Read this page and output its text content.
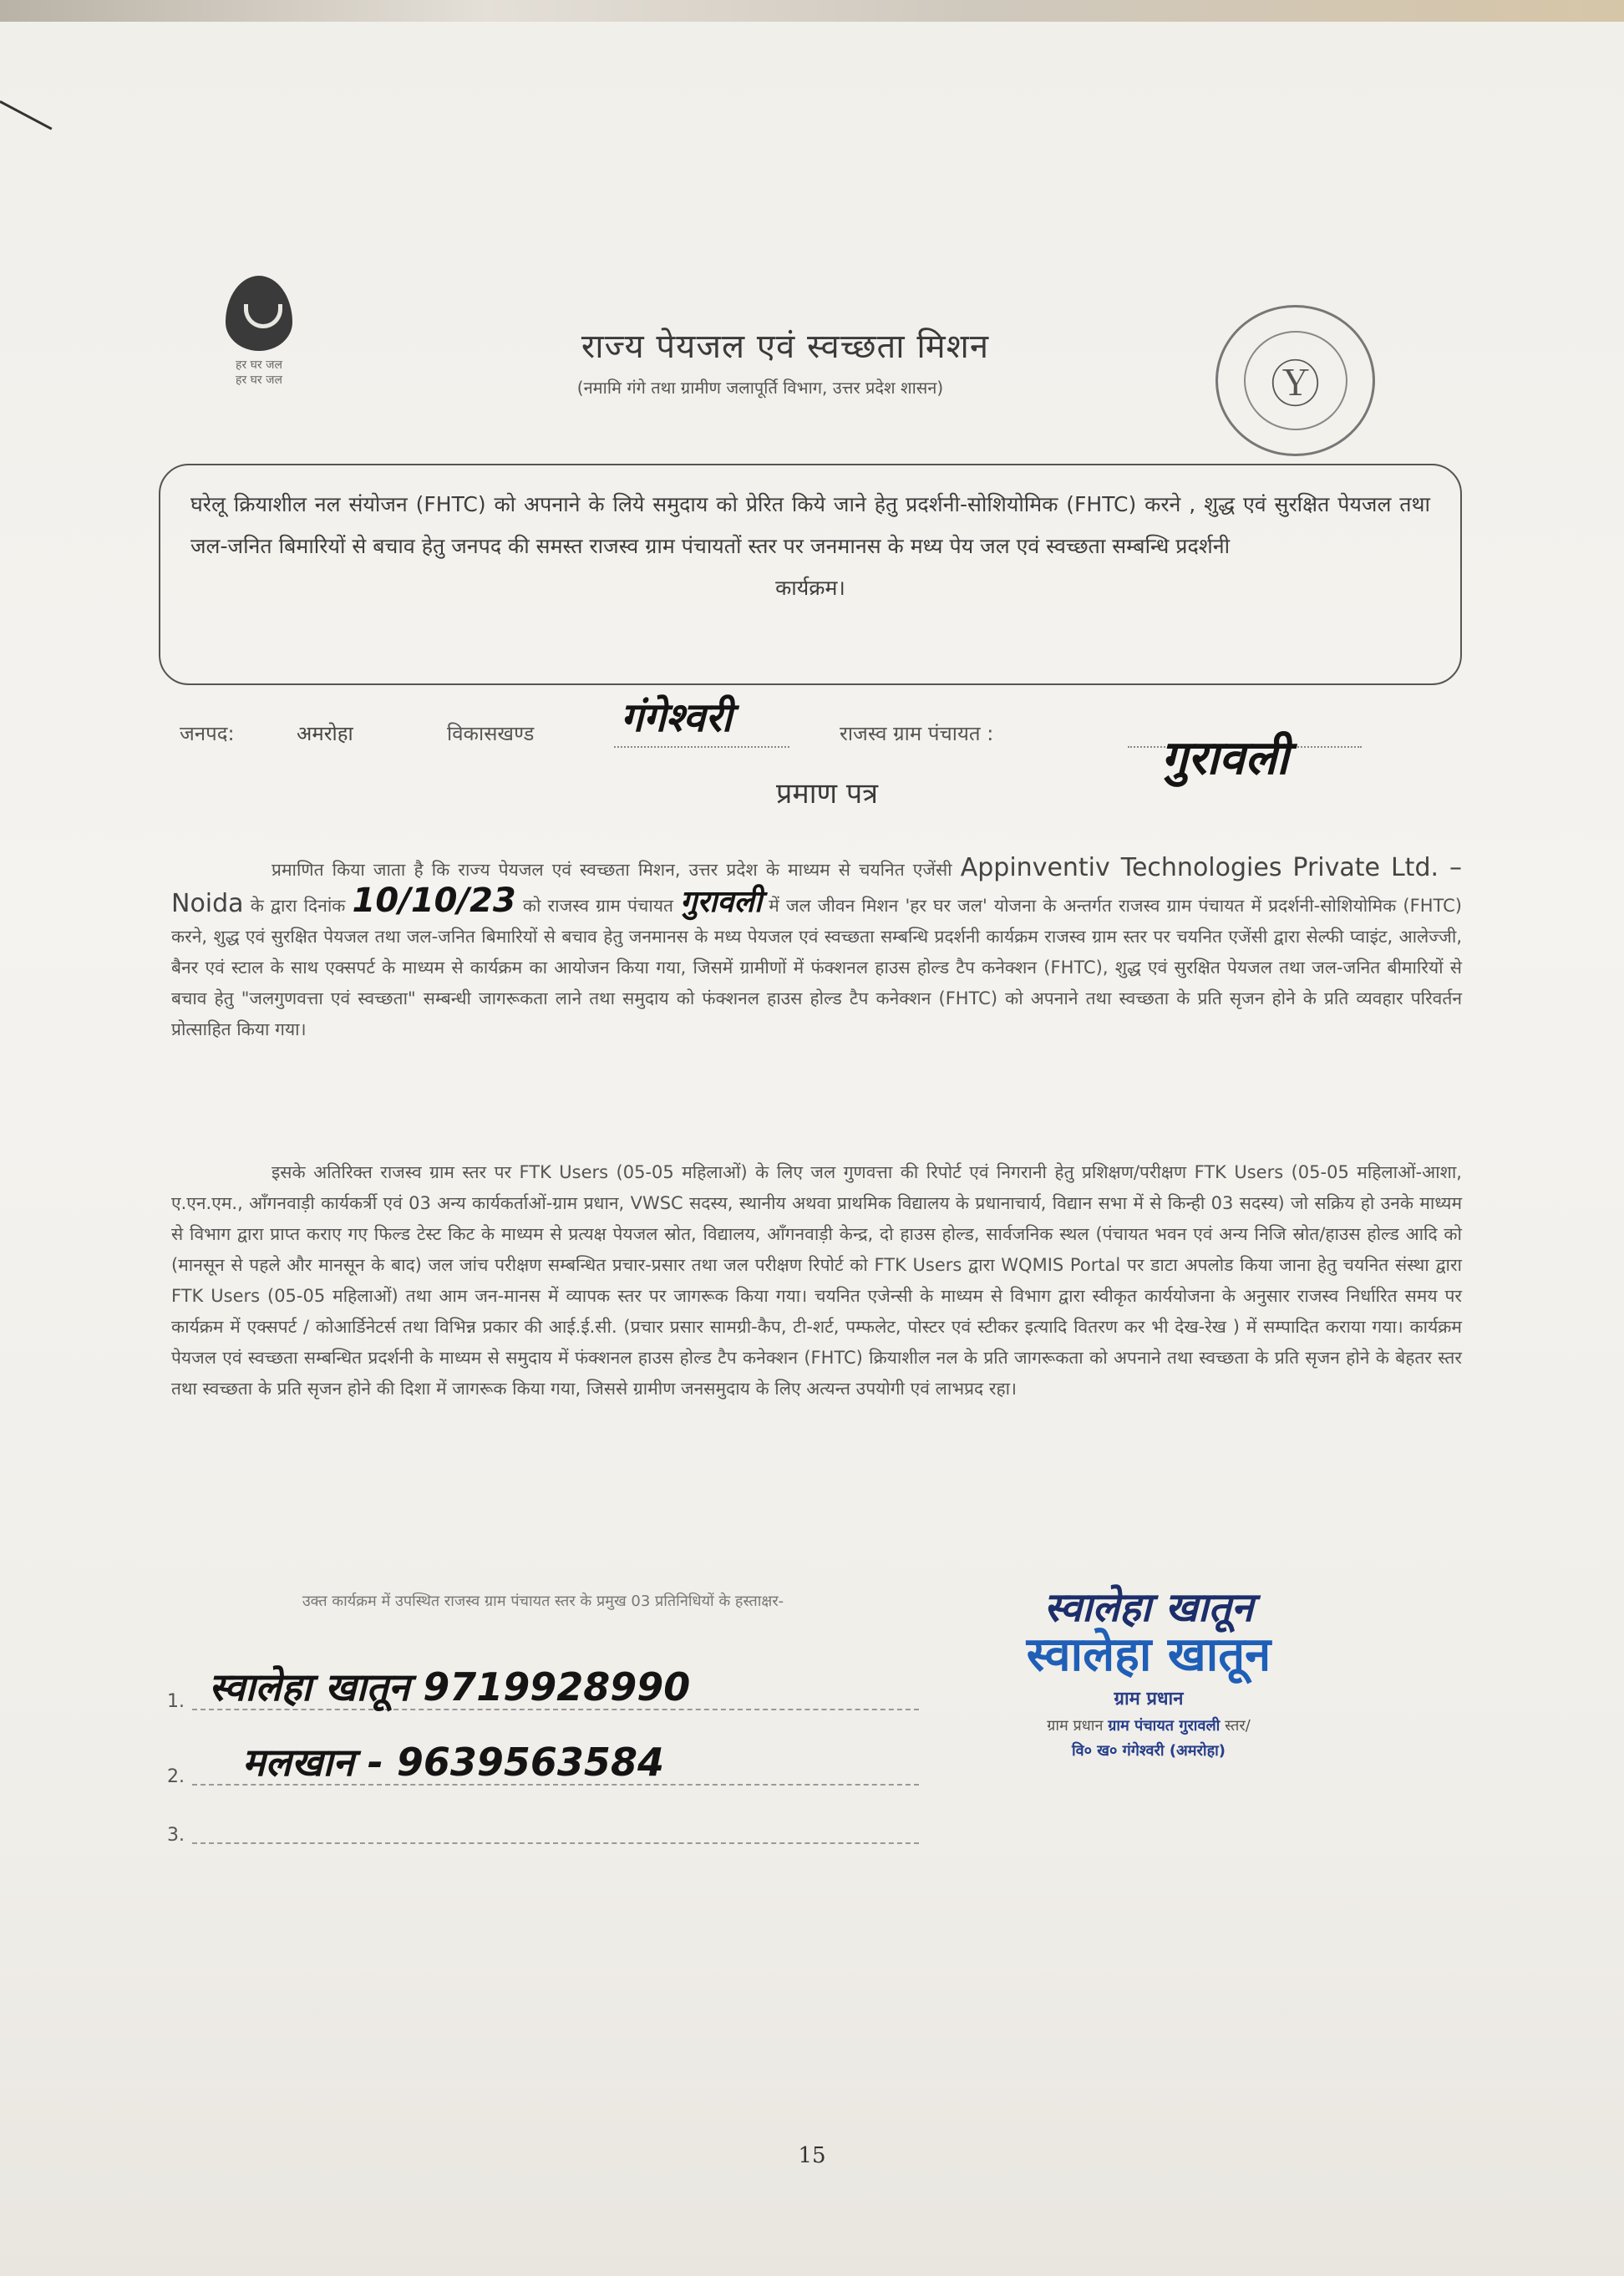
हर घर जल
हर घर जल
राज्य पेयजल एवं स्वच्छता मिशन
(नमामि गंगे तथा ग्रामीण जलापूर्ति विभाग, उत्तर प्रदेश शासन)	Ⓨ
घरेलू क्रियाशील नल संयोजन (FHTC) को अपनाने के लिये समुदाय को प्रेरित किये जाने हेतु प्रदर्शनी-सोशियोमिक (FHTC) करने , शुद्ध एवं सुरक्षित पेयजल तथा जल-जनित बिमारियों से बचाव हेतु जनपद की समस्त राजस्व ग्राम पंचायतों स्तर पर जनमानस के मध्य पेय जल एवं स्वच्छता सम्बन्धि प्रदर्शनी
कार्यक्रम।
जनपद:	अमरोहा	विकासखण्ड गंगेश्वरी	राजस्व ग्राम पंचायत :	गुरावली
प्रमाण पत्र
प्रमाणित किया जाता है कि राज्य पेयजल एवं स्वच्छता मिशन, उत्तर प्रदेश के माध्यम से चयनित एजेंसी Appinventiv Technologies Private Ltd. – Noida के द्वारा दिनांक 10/10/23 को राजस्व ग्राम पंचायत गुरावली में जल जीवन मिशन 'हर घर जल' योजना के अन्तर्गत राजस्व ग्राम पंचायत में प्रदर्शनी-सोशियोमिक (FHTC) करने, शुद्ध एवं सुरक्षित पेयजल तथा जल-जनित बिमारियों से बचाव हेतु जनमानस के मध्य पेयजल एवं स्वच्छता सम्बन्धि प्रदर्शनी कार्यक्रम राजस्व ग्राम स्तर पर चयनित एजेंसी द्वारा सेल्फी प्वाइंट, आलेज्जी, बैनर एवं स्टाल के साथ एक्सपर्ट के माध्यम से कार्यक्रम का आयोजन किया गया, जिसमें ग्रामीणों में फंक्शनल हाउस होल्ड टैप कनेक्शन (FHTC), शुद्ध एवं सुरक्षित पेयजल तथा जल-जनित बीमारियों से बचाव हेतु "जलगुणवत्ता एवं स्वच्छता" सम्बन्धी जागरूकता लाने तथा समुदाय को फंक्शनल हाउस होल्ड टैप कनेक्शन (FHTC) को अपनाने तथा स्वच्छता के प्रति सृजन होने के प्रति व्यवहार परिवर्तन प्रोत्साहित किया गया।
इसके अतिरिक्त राजस्व ग्राम स्तर पर FTK Users (05-05 महिलाओं) के लिए जल गुणवत्ता की रिपोर्ट एवं निगरानी हेतु प्रशिक्षण/परीक्षण FTK Users (05-05 महिलाओं-आशा, ए.एन.एम., आँगनवाड़ी कार्यकर्त्री एवं 03 अन्य कार्यकर्ताओं-ग्राम प्रधान, VWSC सदस्य, स्थानीय अथवा प्राथमिक विद्यालय के प्रधानाचार्य, विद्यान सभा में से किन्ही 03 सदस्य) जो सक्रिय हो उनके माध्यम से विभाग द्वारा प्राप्त कराए गए फिल्ड टेस्ट किट के माध्यम से प्रत्यक्ष पेयजल स्रोत, विद्यालय, आँगनवाड़ी केन्द्र, दो हाउस होल्ड, सार्वजनिक स्थल (पंचायत भवन एवं अन्य निजि स्रोत/हाउस होल्ड आदि को (मानसून से पहले और मानसून के बाद) जल जांच परीक्षण सम्बन्धित प्रचार-प्रसार तथा जल परीक्षण रिपोर्ट को FTK Users द्वारा WQMIS Portal पर डाटा अपलोड किया जाना हेतु चयनित संस्था द्वारा FTK Users (05-05 महिलाओं) तथा आम जन-मानस में व्यापक स्तर पर जागरूक किया गया। चयनित एजेन्सी के माध्यम से विभाग द्वारा स्वीकृत कार्ययोजना के अनुसार राजस्व निर्धारित समय पर कार्यक्रम में एक्सपर्ट / कोआर्डिनेटर्स तथा विभिन्न प्रकार की आई.ई.सी. (प्रचार प्रसार सामग्री-कैप, टी-शर्ट, पम्फलेट, पोस्टर एवं स्टीकर इत्यादि वितरण कर भी देख-रेख ) में सम्पादित कराया गया। कार्यक्रम पेयजल एवं स्वच्छता सम्बन्धित प्रदर्शनी के माध्यम से समुदाय में फंक्शनल हाउस होल्ड टैप कनेक्शन (FHTC) क्रियाशील नल के प्रति जागरूकता को अपनाने तथा स्वच्छता के प्रति सृजन होने के बेहतर स्तर तथा स्वच्छता के प्रति सृजन होने की दिशा में जागरूक किया गया, जिससे ग्रामीण जनसमुदाय के लिए अत्यन्त उपयोगी एवं लाभप्रद रहा।
उक्त कार्यक्रम में उपस्थित राजस्व ग्राम पंचायत स्तर के प्रमुख 03 प्रतिनिधियों के हस्ताक्षर-
1. स्वालेहा खातून 9719928990
2. मलखान - 9639563584
3.
स्वालेहा खातून
स्वालेहा खातून
ग्राम प्रधान
ग्राम प्रधान ग्राम पंचायत गुरावली स्तर/
वि० ख० गंगेश्वरी (अमरोहा)
15
